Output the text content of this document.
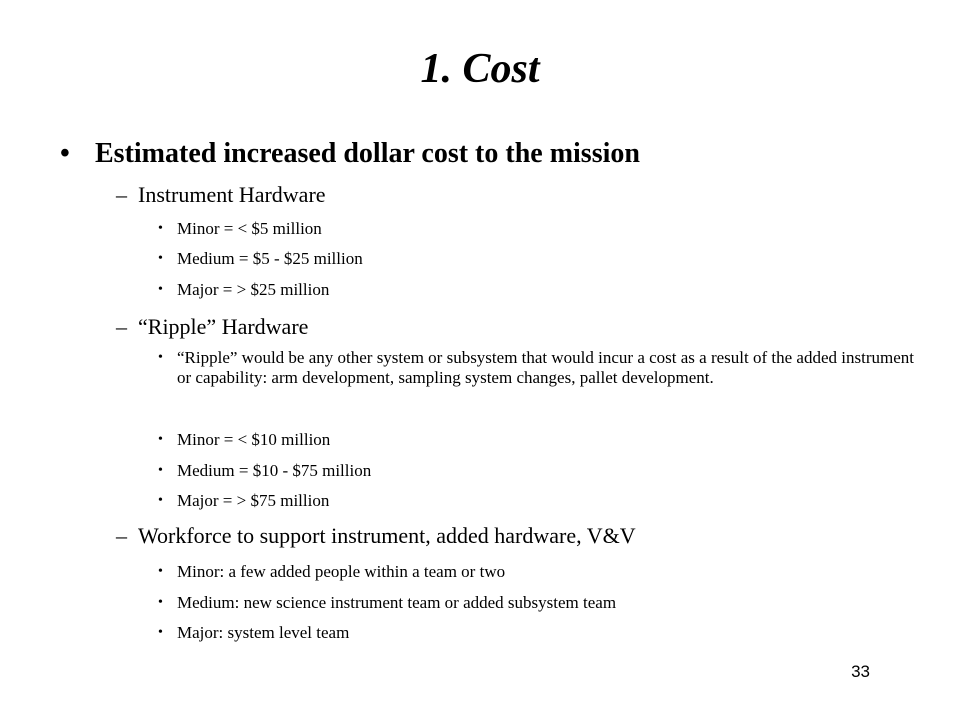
1. Cost
• Estimated increased dollar cost to the mission
– Instrument Hardware
• Minor = < $5 million
• Medium = $5 - $25 million
• Major = > $25 million
– “Ripple” Hardware
• “Ripple” would be any other system or subsystem that would incur a cost as a result of the added instrument or capability: arm development, sampling system changes, pallet development.
• Minor = < $10 million
• Medium = $10 - $75 million
• Major = > $75 million
– Workforce to support instrument, added hardware, V&V
• Minor: a few added people within a team or two
• Medium: new science instrument team or added subsystem team
• Major: system level team
33
